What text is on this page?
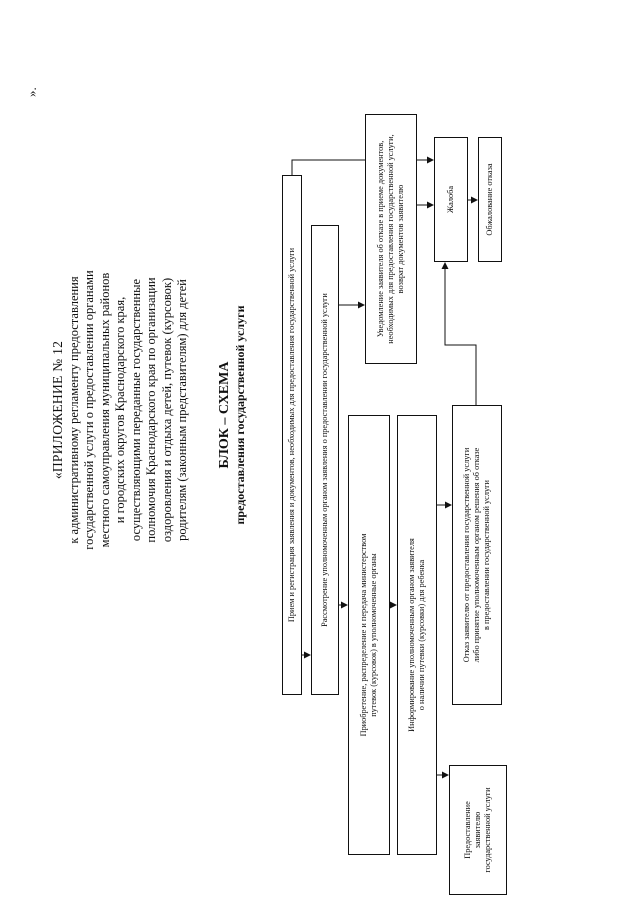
«ПРИЛОЖЕНИЕ № 12 к административному регламенту предоставления государственной услуги о предоставлении органами местного самоуправления муниципальных районов и городских округов Краснодарского края, осуществляющими переданные государственные полномочия Краснодарского края по организации оздоровления и отдыха детей, путевок (курсовок) родителям (законным представителям) для детей
».
БЛОК – СХЕМА предоставления государственной услуги	Прием и регистрация заявления и документов, необходимых для предоставления государственной услуги	Рассмотрение уполномоченным органом заявления о предоставлении государственной услуги
Уведомление заявителя об отказе в приеме документов, необходимых для предоставления государственной услуги, возврат документов заявителю
Приобретение, распределение и передача министерством путевок (курсовок) в уполномоченные органы	Информирование уполномоченным органом заявителя о наличии путевки (курсовки) для ребенка
Жалоба	Обжалование отказа
Отказ заявителю от предоставления государственной услуги либо принятие уполномоченным органом решения об отказе в предоставлении государственной услуги
Предоставление заявителю государственной услуги
